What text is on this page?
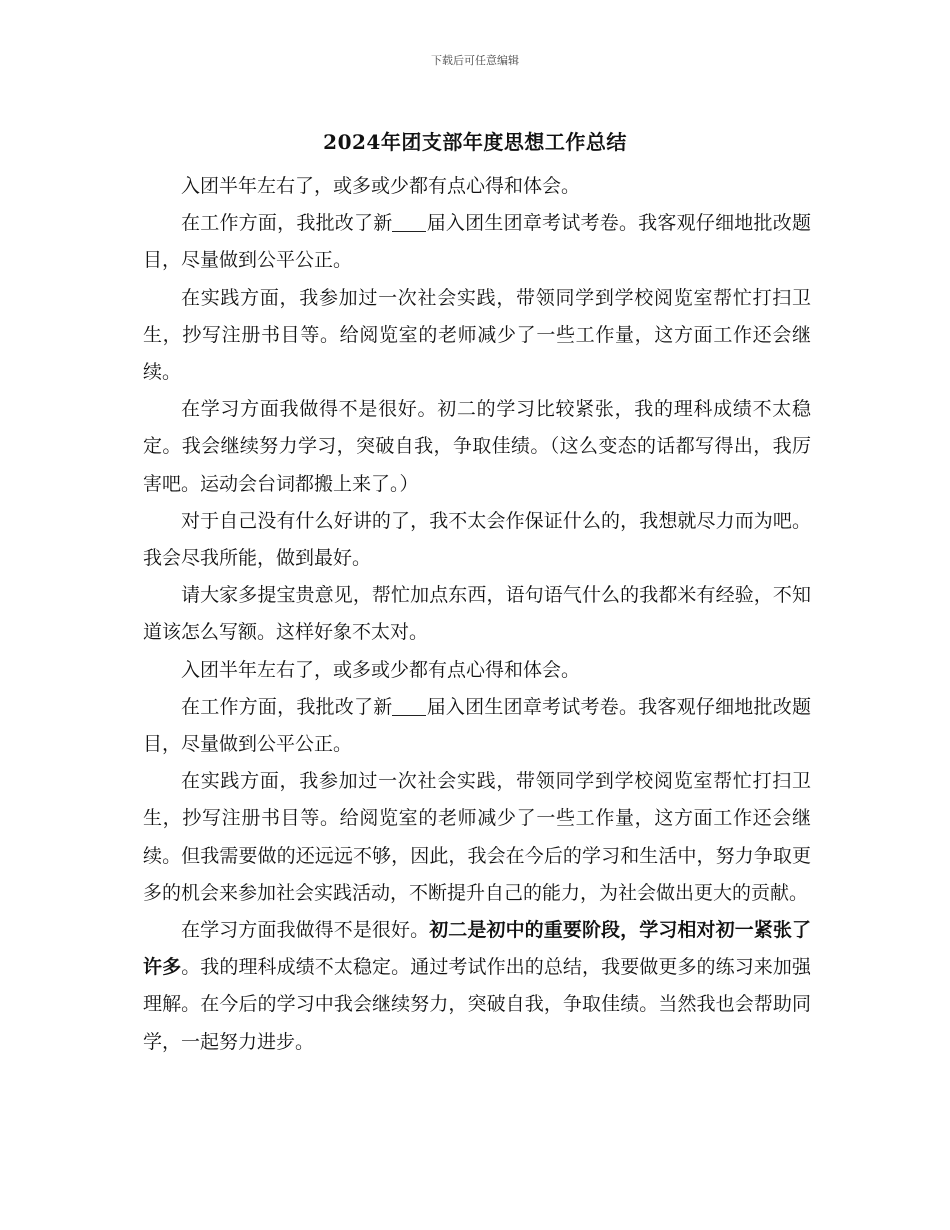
下载后可任意编辑
2024年团支部年度思想工作总结

入团半年左右了，或多或少都有点心得和体会。

在工作方面，我批改了新 届入团生团章考试考卷。我客观仔细地批改题目，尽量做到公平公正。

在实践方面，我参加过一次社会实践，带领同学到学校阅览室帮忙打扫卫生，抄写注册书目等。给阅览室的老师减少了一些工作量，这方面工作还会继续。

在学习方面我做得不是很好。初二的学习比较紧张，我的理科成绩不太稳定。我会继续努力学习，突破自我，争取佳绩。（这么变态的话都写得出，我厉害吧。运动会台词都搬上来了。）

对于自己没有什么好讲的了，我不太会作保证什么的，我想就尽力而为吧。我会尽我所能，做到最好。

请大家多提宝贵意见，帮忙加点东西，语句语气什么的我都米有经验，不知道该怎么写额。这样好象不太对。

入团半年左右了，或多或少都有点心得和体会。

在工作方面，我批改了新 届入团生团章考试考卷。我客观仔细地批改题目，尽量做到公平公正。

在实践方面，我参加过一次社会实践，带领同学到学校阅览室帮忙打扫卫生，抄写注册书目等。给阅览室的老师减少了一些工作量，这方面工作还会继续。但我需要做的还远远不够，因此，我会在今后的学习和生活中，努力争取更多的机会来参加社会实践活动，不断提升自己的能力，为社会做出更大的贡献。

在学习方面我做得不是很好。初二是初中的重要阶段，学习相对初一紧张了许多。我的理科成绩不太稳定。通过考试作出的总结，我要做更多的练习来加强理解。在今后的学习中我会继续努力，突破自我，争取佳绩。当然我也会帮助同学，一起努力进步。
